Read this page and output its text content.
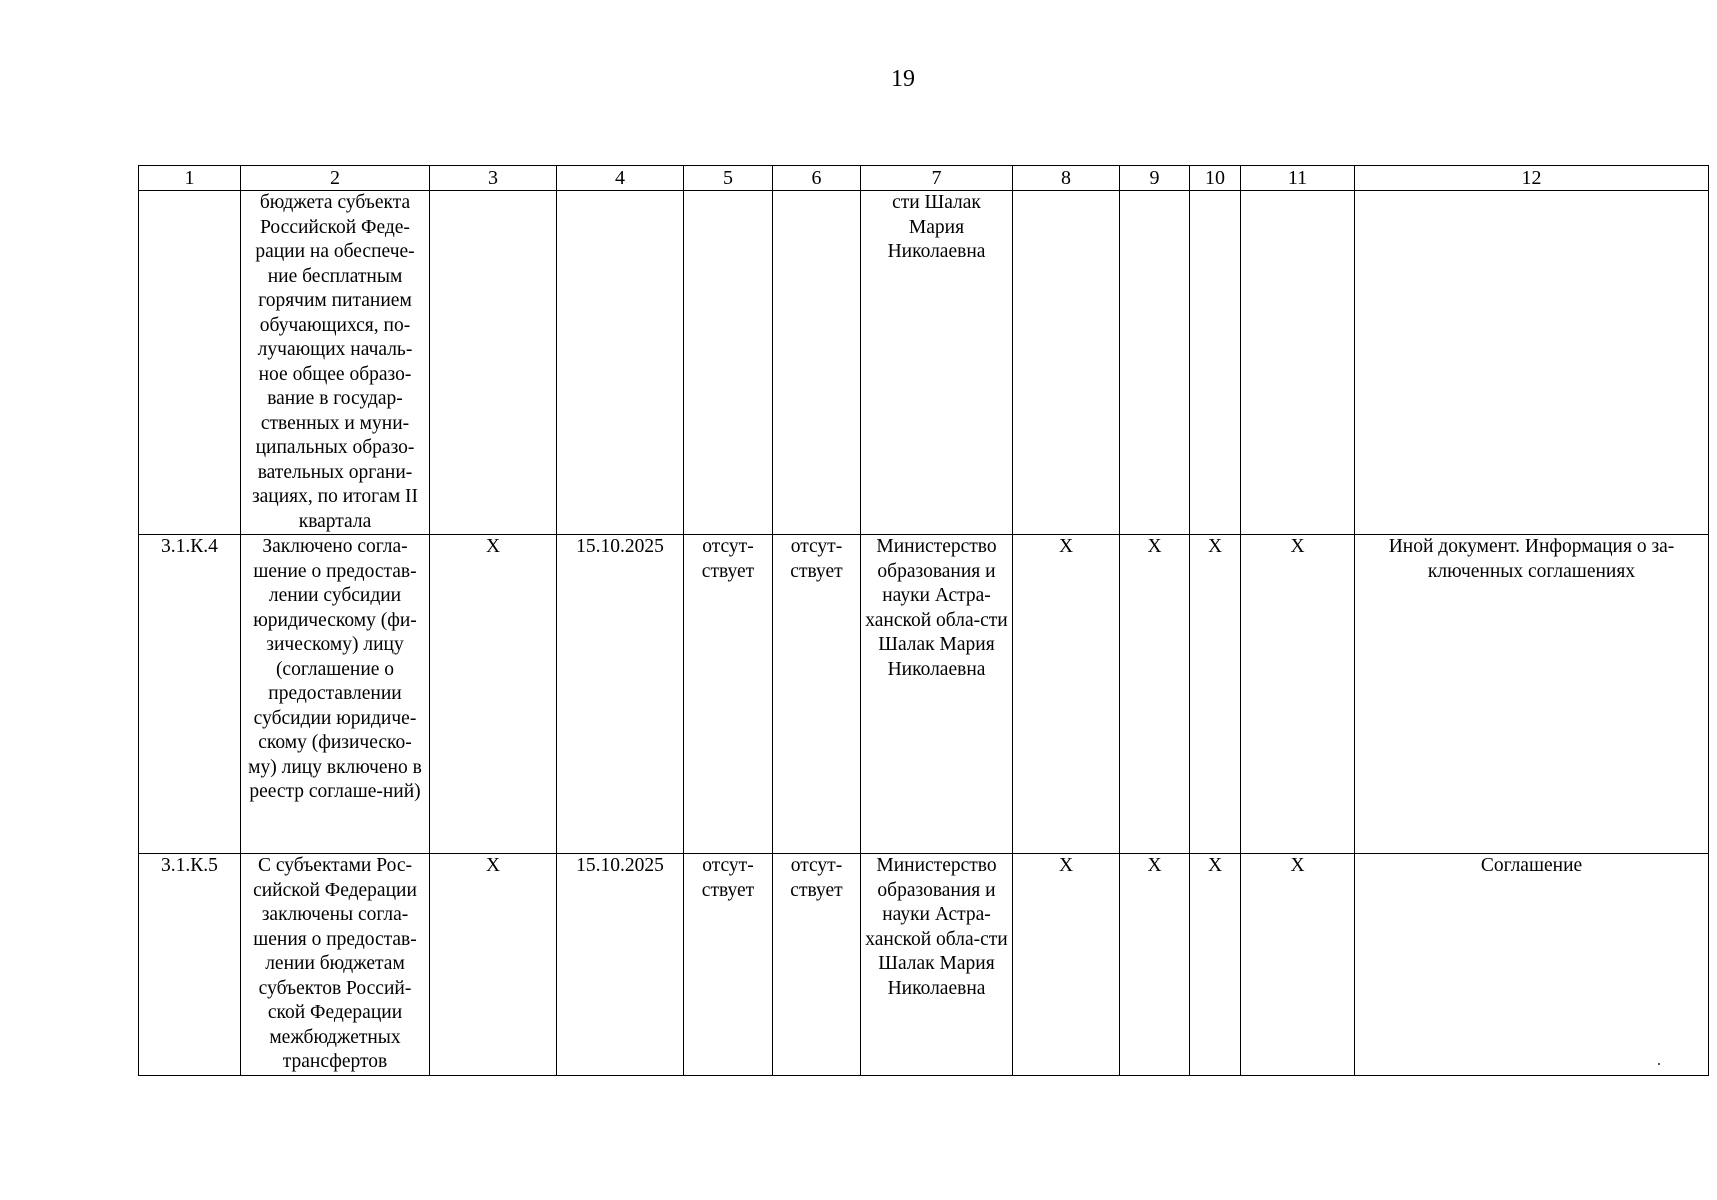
19
1	2	3	4	5	6	7	8	9	10	11	12
	бюджета субъекта Российской Феде-рации на обеспече-ние бесплатным горячим питанием обучающихся, по-лучающих началь-ное общее образо-вание в государ-ственных и муни-ципальных образо-вательных органи-зациях, по итогам II квартала					сти Шалак Мария Николаевна					
3.1.К.4	Заключено согла-шение о предостав-лении субсидии юридическому (фи-зическому) лицу (соглашение о предоставлении субсидии юридиче-скому (физическо-му) лицу включено в реестр соглаше-ний)	X	15.10.2025	отсут-ствует	отсут-ствует	Министерство образования и науки Астра-ханской обла-сти Шалак Мария Николаевна	X	X	X	X	Иной документ. Информация о за-ключенных соглашениях
3.1.К.5	С субъектами Рос-сийской Федерации заключены согла-шения о предостав-лении бюджетам субъектов Россий-ской Федерации межбюджетных трансфертов	X	15.10.2025	отсут-ствует	отсут-ствует	Министерство образования и науки Астра-ханской обла-сти Шалак Мария Николаевна	X	X	X	X	Соглашение
